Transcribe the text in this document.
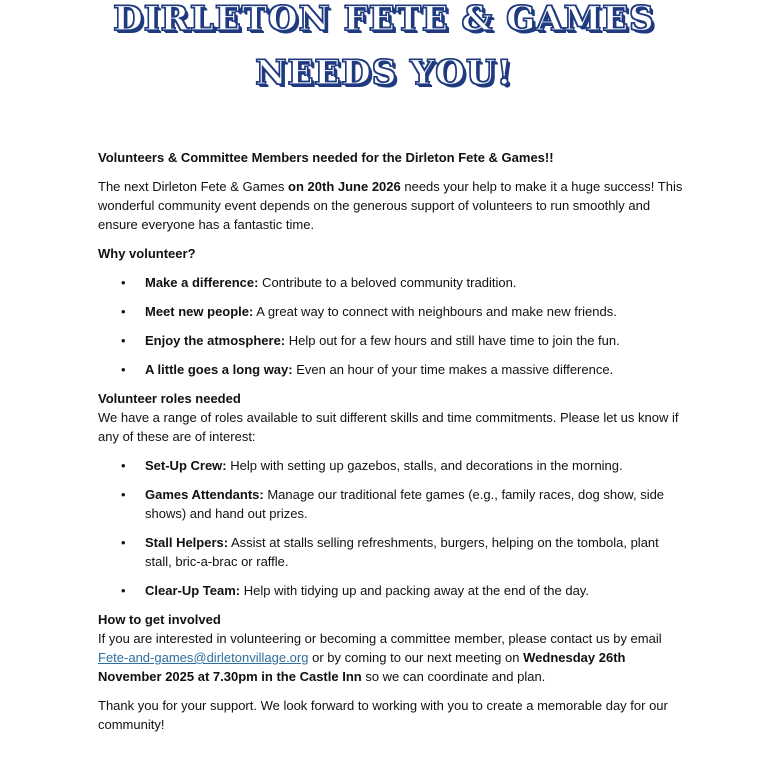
DIRLETON FETE & GAMES
NEEDS YOU!

Volunteers & Committee Members needed for the Dirleton Fete & Games!!

The next Dirleton Fete & Games on 20th June 2026 needs your help to make it a huge success! This wonderful community event depends on the generous support of volunteers to run smoothly and ensure everyone has a fantastic time.

Why volunteer?

• Make a difference: Contribute to a beloved community tradition.
• Meet new people: A great way to connect with neighbours and make new friends.
• Enjoy the atmosphere: Help out for a few hours and still have time to join the fun.
• A little goes a long way: Even an hour of your time makes a massive difference.

Volunteer roles needed

We have a range of roles available to suit different skills and time commitments. Please let us know if any of these are of interest:

• Set-Up Crew: Help with setting up gazebos, stalls, and decorations in the morning.
• Games Attendants: Manage our traditional fete games (e.g., family races, dog show, side shows) and hand out prizes.
• Stall Helpers: Assist at stalls selling refreshments, burgers, helping on the tombola, plant stall, bric-a-brac or raffle.
• Clear-Up Team: Help with tidying up and packing away at the end of the day.

How to get involved

If you are interested in volunteering or becoming a committee member, please contact us by email Fete-and-games@dirletonvillage.org or by coming to our next meeting on Wednesday 26th November 2025 at 7.30pm in the Castle Inn so we can coordinate and plan.

Thank you for your support. We look forward to working with you to create a memorable day for our community!
